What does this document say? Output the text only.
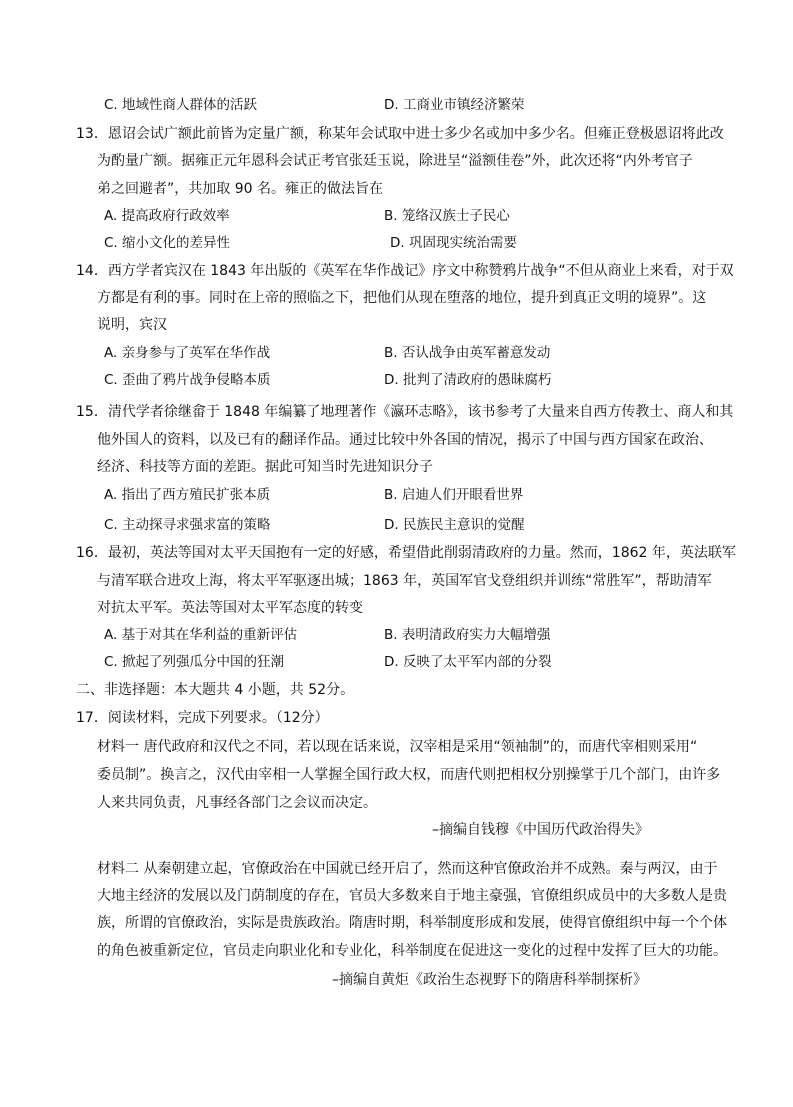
C. 地域性商人群体的活跃	D. 工商业市镇经济繁荣
13．恩诏会试广额此前皆为定量广额，称某年会试取中进士多少名或加中多少名。但雍正登极恩诏将此改
为酌量广额。据雍正元年恩科会试正考官张廷玉说，除进呈“溢额佳卷”外，此次还将“内外考官子
弟之回避者”，共加取 90 名。雍正的做法旨在
A. 提高政府行政效率	B. 笼络汉族士子民心
C. 缩小文化的差异性	D. 巩固现实统治需要
14．西方学者宾汉在 1843 年出版的《英军在华作战记》序文中称赞鸦片战争“不但从商业上来看，对于双
方都是有利的事。同时在上帝的照临之下，把他们从现在堕落的地位，提升到真正文明的境界”。这
说明，宾汉
A. 亲身参与了英军在华作战	B. 否认战争由英军蓄意发动
C. 歪曲了鸦片战争侵略本质	D. 批判了清政府的愚昧腐朽
15．清代学者徐继畲于 1848 年编纂了地理著作《瀛环志略》，该书参考了大量来自西方传教士、商人和其
他外国人的资料，以及已有的翻译作品。通过比较中外各国的情况，揭示了中国与西方国家在政治、
经济、科技等方面的差距。据此可知当时先进知识分子
A. 指出了西方殖民扩张本质	B. 启迪人们开眼看世界
C. 主动探寻求强求富的策略	D. 民族民主意识的觉醒
16．最初，英法等国对太平天国抱有一定的好感，希望借此削弱清政府的力量。然而，1862 年，英法联军
与清军联合进攻上海，将太平军驱逐出城；1863 年，英国军官戈登组织并训练“常胜军”，帮助清军
对抗太平军。英法等国对太平军态度的转变
A. 基于对其在华利益的重新评估	B. 表明清政府实力大幅增强
C. 掀起了列强瓜分中国的狂潮	D. 反映了太平军内部的分裂
二、非选择题：本大题共 4 小题，共 52分。
17．阅读材料，完成下列要求。（12分）
材料一 唐代政府和汉代之不同，若以现在话来说，汉宰相是采用“领袖制”的，而唐代宰相则采用“
委员制”。换言之，汉代由宰相一人掌握全国行政大权，而唐代则把相权分别操掌于几个部门，由许多
人来共同负责，凡事经各部门之会议而决定。
–摘编自钱穆《中国历代政治得失》
材料二 从秦朝建立起，官僚政治在中国就已经开启了，然而这种官僚政治并不成熟。秦与两汉，由于
大地主经济的发展以及门荫制度的存在，官员大多数来自于地主豪强，官僚组织成员中的大多数人是贵
族，所谓的官僚政治，实际是贵族政治。隋唐时期，科举制度形成和发展，使得官僚组织中每一个个体
的角色被重新定位，官员走向职业化和专业化，科举制度在促进这一变化的过程中发挥了巨大的功能。
–摘编自黄炬《政治生态视野下的隋唐科举制探析》
